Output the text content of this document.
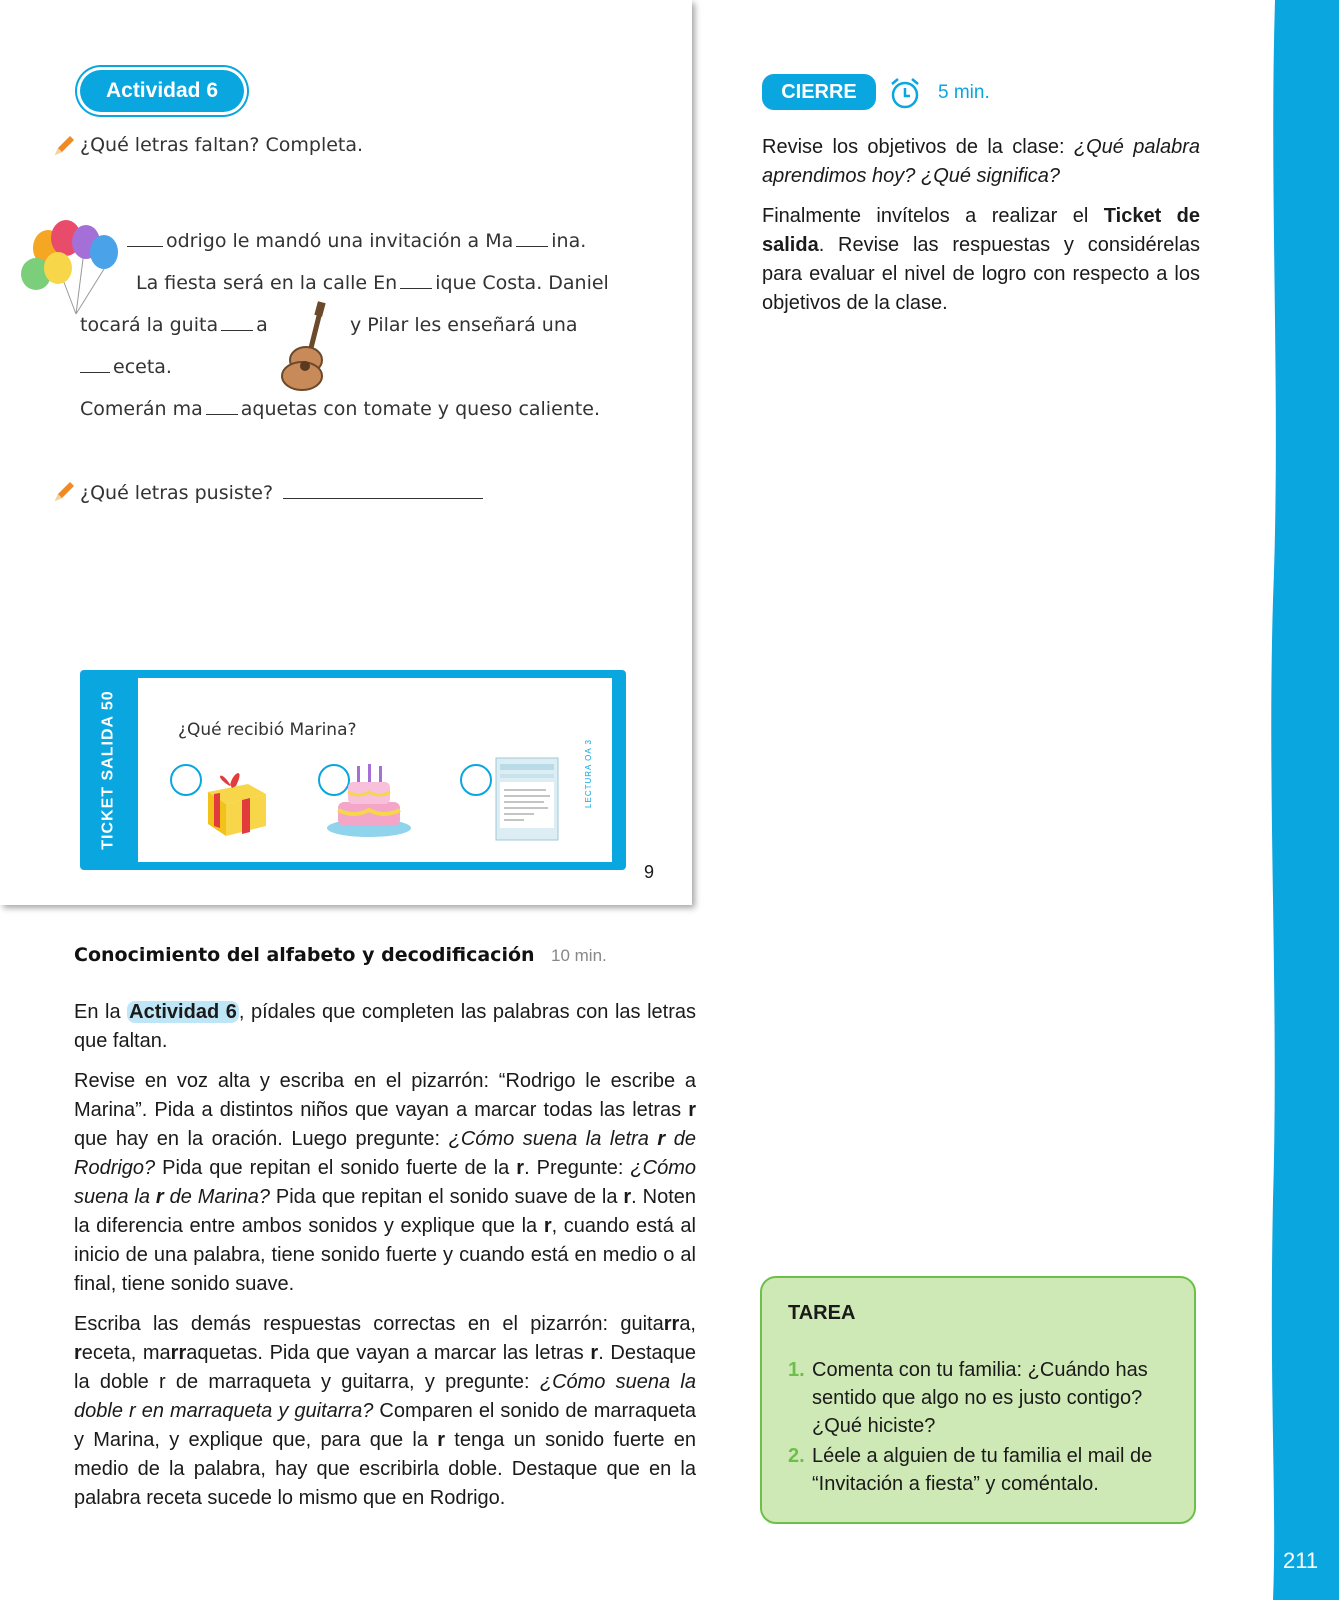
211
Actividad 6
¿Qué letras faltan? Completa.
odrigo le mandó una invitación a Ma ina.
La fiesta será en la calle En ique Costa. Daniel
tocará la guita a	y Pilar les enseñará una
eceta.
Comerán ma aquetas con tomate y queso caliente.
¿Qué letras pusiste?
TICKET SALIDA 50	¿Qué recibió Marina?
LECTURA OA 3
9
CIERRE	5 min.

Revise los objetivos de la clase: ¿Qué palabra aprendimos hoy? ¿Qué significa?

Finalmente invítelos a realizar el Ticket de salida. Revise las respuestas y considérelas para evaluar el nivel de logro con respecto a los objetivos de la clase.

Conocimiento del alfabeto y decodificación 10 min.

En la Actividad 6 , pídales que completen las palabras con las letras que faltan.

Revise en voz alta y escriba en el pizarrón: “Rodrigo le escribe a Marina”. Pida a distintos niños que vayan a marcar todas las letras r que hay en la oración. Luego pregunte: ¿Cómo suena la letra r de Rodrigo? Pida que repitan el sonido fuerte de la r. Pregunte: ¿Cómo suena la r de Marina? Pida que repitan el sonido suave de la r. Noten la diferencia entre ambos sonidos y explique que la r, cuando está al inicio de una palabra, tiene sonido fuerte y cuando está en medio o al final, tiene sonido suave.

Escriba las demás respuestas correctas en el pizarrón: guitarra, receta, marraquetas. Pida que vayan a marcar las letras r. Destaque la doble r de marraqueta y guitarra, y pregunte: ¿Cómo suena la doble r en marraqueta y guitarra? Comparen el sonido de marraqueta y Marina, y explique que, para que la r tenga un sonido fuerte en medio de la palabra, hay que escribirla doble. Destaque que en la palabra receta sucede lo mismo que en Rodrigo.

TAREA
1. Comenta con tu familia: ¿Cuándo has sentido que algo no es justo contigo? ¿Qué hiciste?
2. Léele a alguien de tu familia el mail de “Invitación a fiesta” y coméntalo.
